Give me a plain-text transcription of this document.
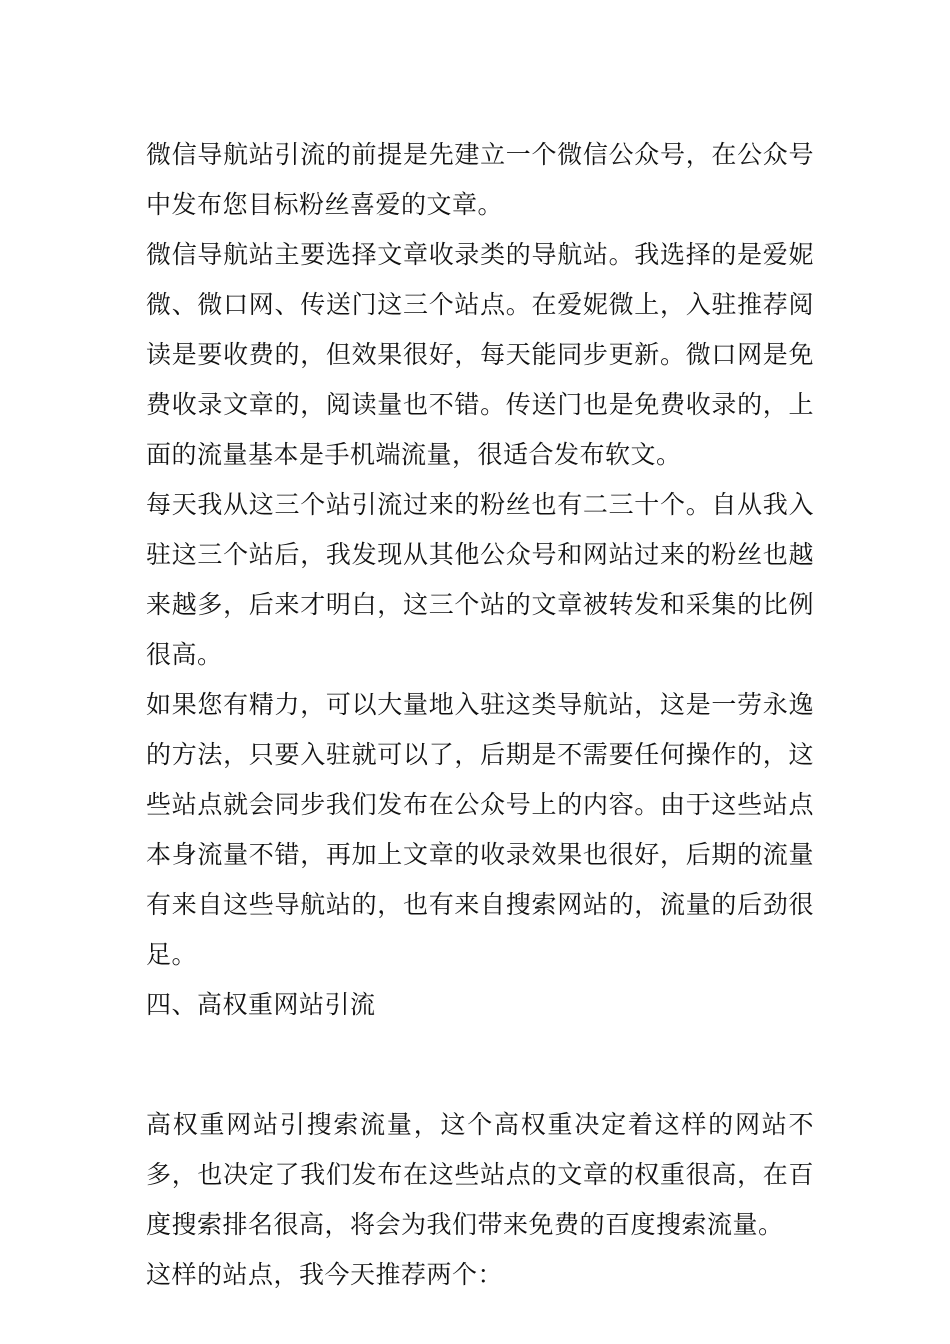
微信导航站引流的前提是先建立一个微信公众号，在公众号中发布您目标粉丝喜爱的文章。

微信导航站主要选择文章收录类的导航站。我选择的是爱妮微、微口网、传送门这三个站点。在爱妮微上，入驻推荐阅读是要收费的，但效果很好，每天能同步更新。微口网是免费收录文章的，阅读量也不错。传送门也是免费收录的，上面的流量基本是手机端流量，很适合发布软文。

每天我从这三个站引流过来的粉丝也有二三十个。自从我入驻这三个站后，我发现从其他公众号和网站过来的粉丝也越来越多，后来才明白，这三个站的文章被转发和采集的比例很高。

如果您有精力，可以大量地入驻这类导航站，这是一劳永逸的方法，只要入驻就可以了，后期是不需要任何操作的，这些站点就会同步我们发布在公众号上的内容。由于这些站点本身流量不错，再加上文章的收录效果也很好，后期的流量有来自这些导航站的，也有来自搜索网站的，流量的后劲很足。

四、高权重网站引流

高权重网站引搜索流量，这个高权重决定着这样的网站不多，也决定了我们发布在这些站点的文章的权重很高，在百度搜索排名很高，将会为我们带来免费的百度搜索流量。

这样的站点，我今天推荐两个：
